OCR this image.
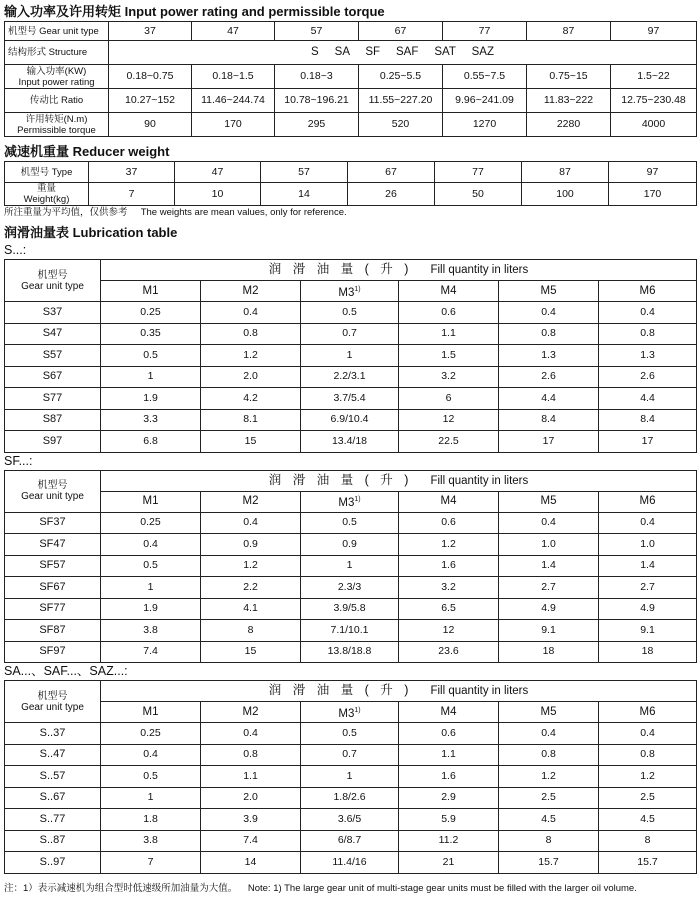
输入功率及许用转矩 Input power rating and permissible torque
机型号 Gear unit type	37	47	57	67	77	87	97
结构形式 Structure	S     SA     SF     SAF     SAT     SAZ						

输入功率(KW)
Input power rating	0.18~0.75	0.18~1.5	0.18~3	0.25~5.5	0.55~7.5	0.75~15	1.5~22
传动比 Ratio	10.27~152	11.46~244.74	10.78~196.21	11.55~227.20	9.96~241.09	11.83~222	12.75~230.48

许用转矩(N.m)
Permissible torque	90	170	295	520	1270	2280	4000
减速机重量 Reducer weight
机型号 Type	37	47	57	67	77	87	97

重量
Weight(kg)	7	10	14	26	50	100	170
所注重量为平均值，仅供参考     The weights are mean values, only for reference.
润滑油量表 Lubrication table
S...:
机型号
Gear unit type	润 滑 油 量 ( 升 ) Fill quantity in liters					
	M1	M2	M3$^{1)}$	M4	M5	M6
S37	0.25	0.4	0.5	0.6	0.4	0.4
S47	0.35	0.8	0.7	1.1	0.8	0.8
S57	0.5	1.2	1	1.5	1.3	1.3
S67	1	2.0	2.2/3.1	3.2	2.6	2.6
S77	1.9	4.2	3.7/5.4	6	4.4	4.4
S87	3.3	8.1	6.9/10.4	12	8.4	8.4
S97	6.8	15	13.4/18	22.5	17	17
SF...:
机型号
Gear unit type	润 滑 油 量 ( 升 ) Fill quantity in liters					
	M1	M2	M3$^{1)}$	M4	M5	M6
SF37	0.25	0.4	0.5	0.6	0.4	0.4
SF47	0.4	0.9	0.9	1.2	1.0	1.0
SF57	0.5	1.2	1	1.6	1.4	1.4
SF67	1	2.2	2.3/3	3.2	2.7	2.7
SF77	1.9	4.1	3.9/5.8	6.5	4.9	4.9
SF87	3.8	8	7.1/10.1	12	9.1	9.1
SF97	7.4	15	13.8/18.8	23.6	18	18
SA...、SAF...、SAZ...:
机型号
Gear unit type	润 滑 油 量 ( 升 ) Fill quantity in liters					
	M1	M2	M3$^{1)}$	M4	M5	M6
S..37	0.25	0.4	0.5	0.6	0.4	0.4
S..47	0.4	0.8	0.7	1.1	0.8	0.8
S..57	0.5	1.1	1	1.6	1.2	1.2
S..67	1	2.0	1.8/2.6	2.9	2.5	2.5
S..77	1.8	3.9	3.6/5	5.9	4.5	4.5
S..87	3.8	7.4	6/8.7	11.2	8	8
S..97	7	14	11.4/16	21	15.7	15.7
注：1）表示减速机为组合型时低速级所加油量为大值。    Note: 1) The large gear unit of multi-stage gear units must be filled with the larger oil volume.
